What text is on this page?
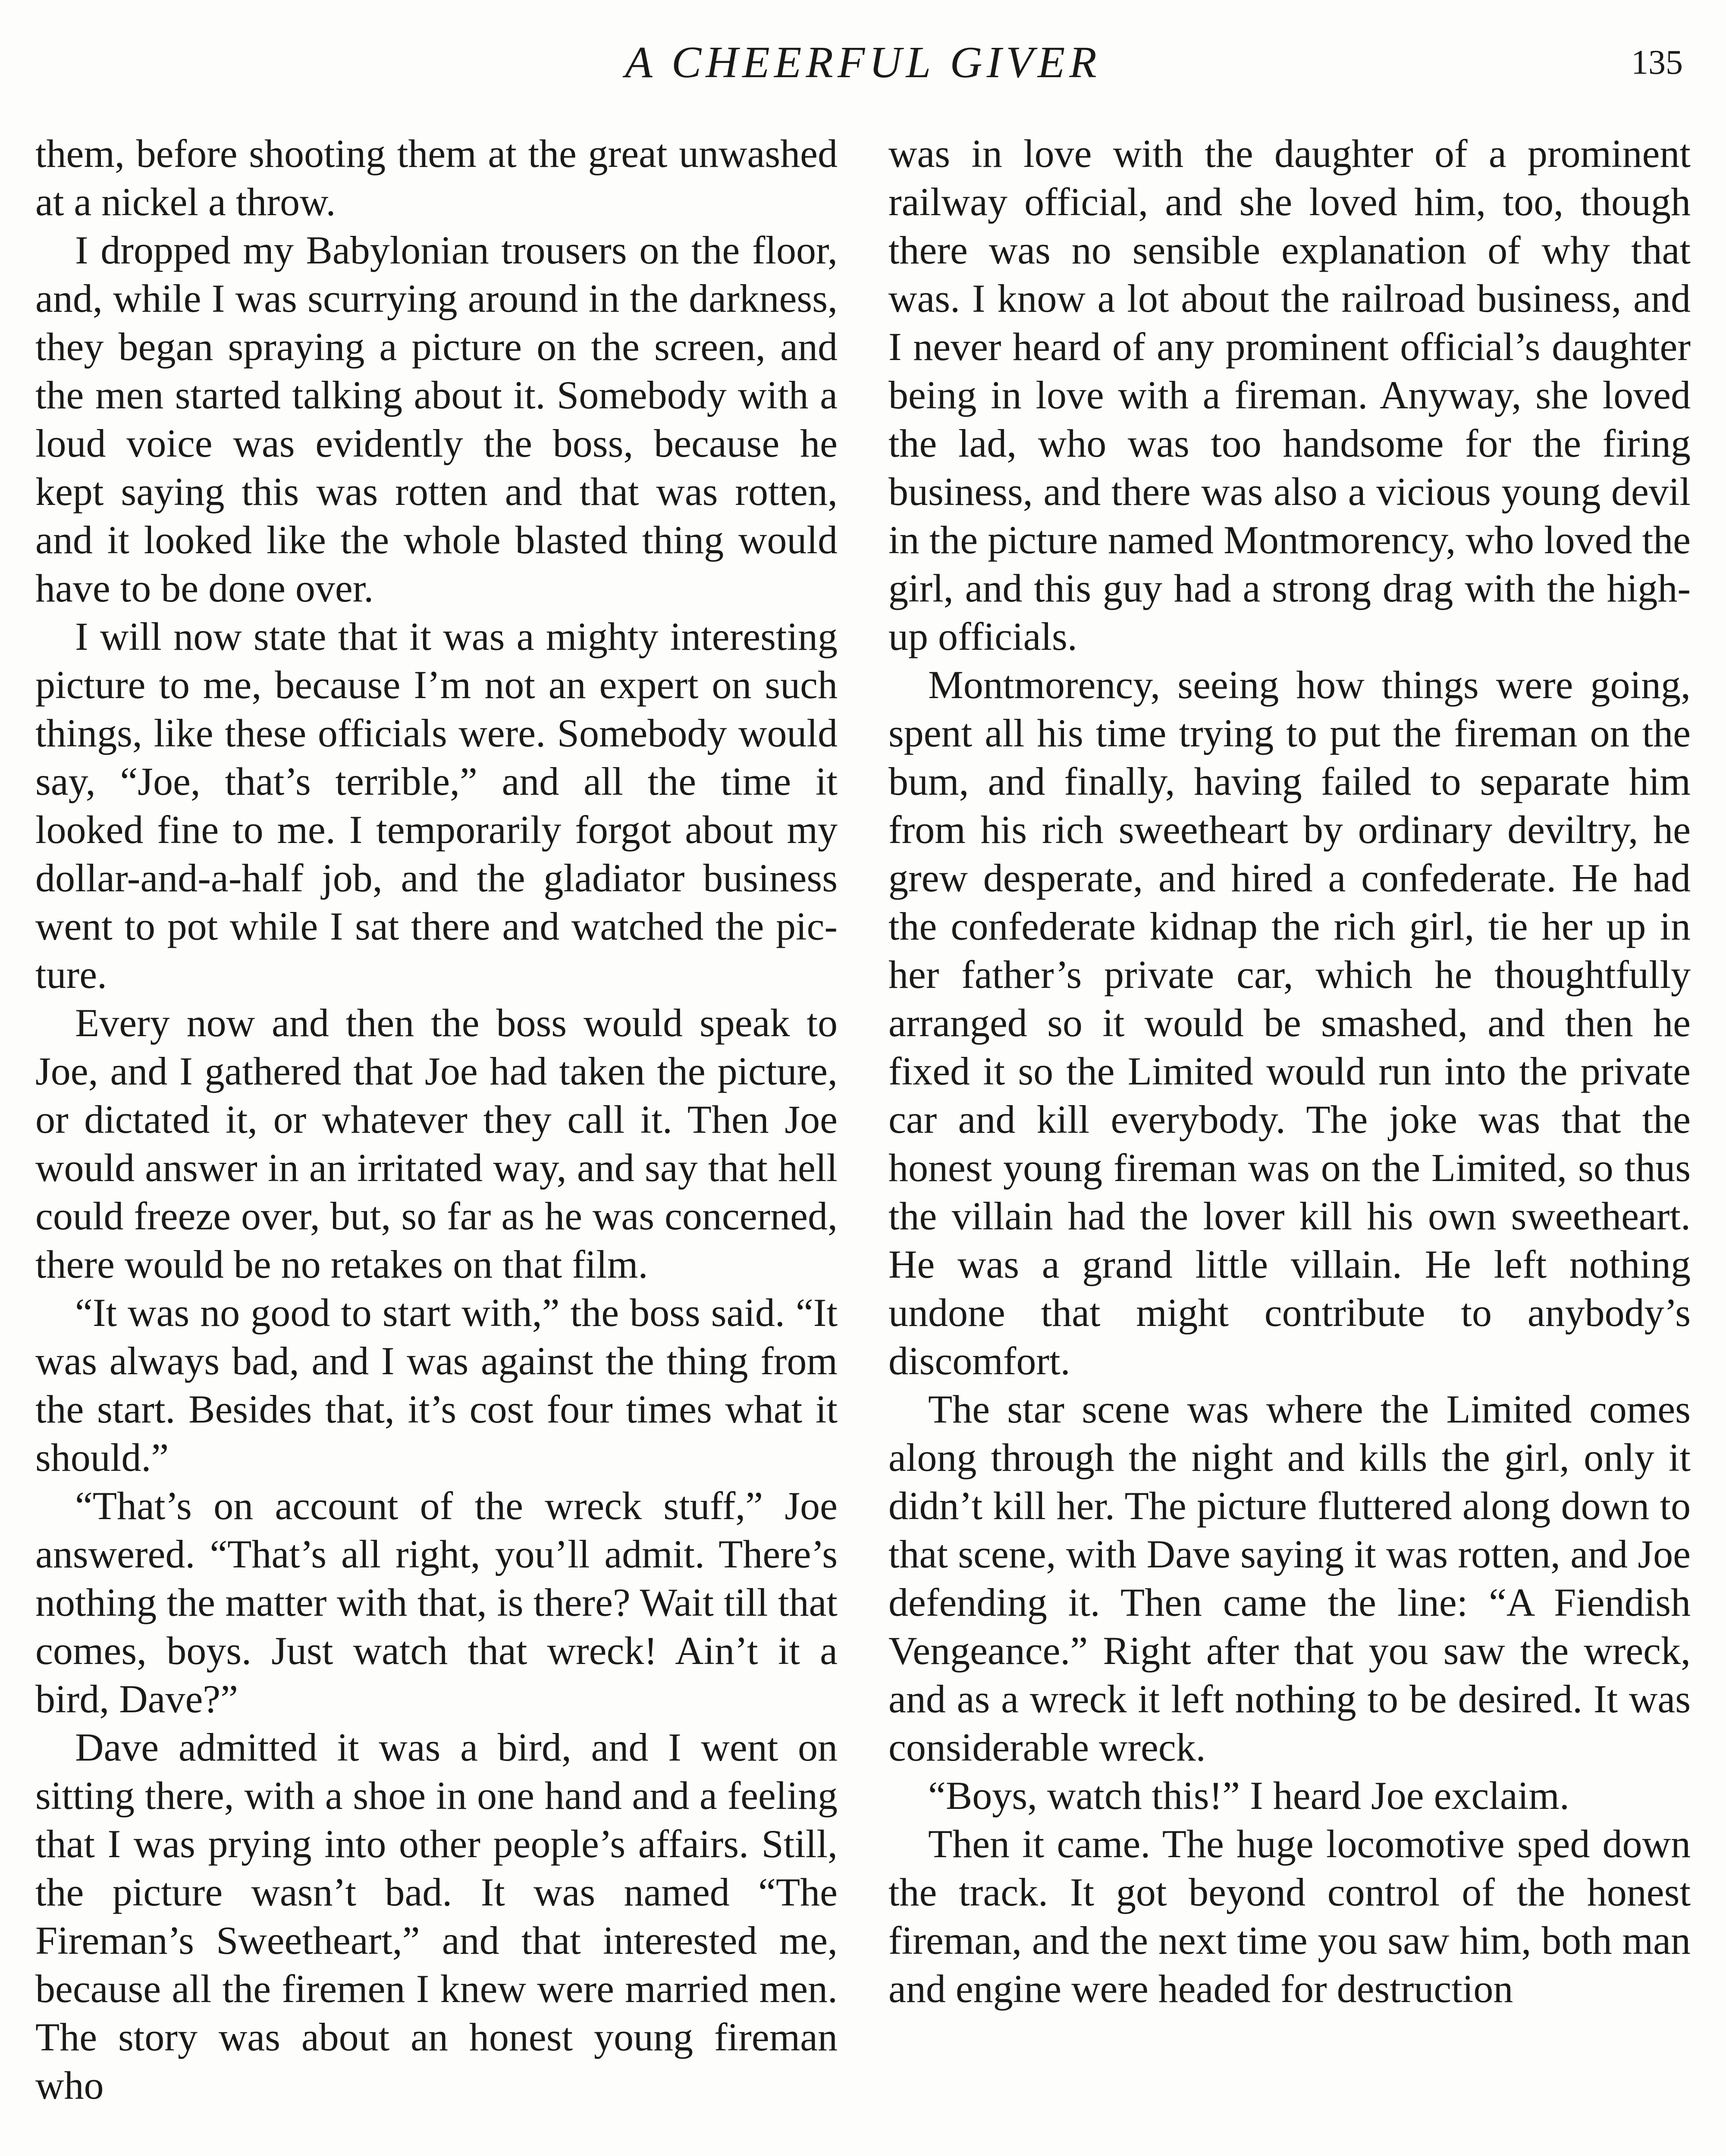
A CHEERFUL GIVER	135

them, before shooting them at the great unwashed at a nickel a throw.

I dropped my Babylonian trousers on the floor, and, while I was scurrying around in the darkness, they began spraying a picture on the screen, and the men started talking about it. Somebody with a loud voice was evidently the boss, because he kept saying this was rotten and that was rotten, and it looked like the whole blasted thing would have to be done over.

I will now state that it was a mighty interesting picture to me, because I’m not an expert on such things, like these officials were. Somebody would say, “Joe, that’s terrible,” and all the time it looked fine to me. I temporarily forgot about my dollar-and-a-half job, and the gladiator business went to pot while I sat there and watched the picture.

Every now and then the boss would speak to Joe, and I gathered that Joe had taken the picture, or dictated it, or whatever they call it. Then Joe would answer in an irritated way, and say that hell could freeze over, but, so far as he was concerned, there would be no retakes on that film.

“It was no good to start with,” the boss said. “It was always bad, and I was against the thing from the start. Besides that, it’s cost four times what it should.”

“That’s on account of the wreck stuff,” Joe answered. “That’s all right, you’ll admit. There’s nothing the matter with that, is there? Wait till that comes, boys. Just watch that wreck! Ain’t it a bird, Dave?”

Dave admitted it was a bird, and I went on sitting there, with a shoe in one hand and a feeling that I was prying into other people’s affairs. Still, the picture wasn’t bad. It was named “The Fireman’s Sweetheart,” and that interested me, because all the firemen I knew were married men. The story was about an honest young fireman who

was in love with the daughter of a prominent railway official, and she loved him, too, though there was no sensible explanation of why that was. I know a lot about the railroad business, and I never heard of any prominent official’s daughter being in love with a fireman. Anyway, she loved the lad, who was too handsome for the firing business, and there was also a vicious young devil in the picture named Montmorency, who loved the girl, and this guy had a strong drag with the high-up officials.

Montmorency, seeing how things were going, spent all his time trying to put the fireman on the bum, and finally, having failed to separate him from his rich sweetheart by ordinary deviltry, he grew desperate, and hired a confederate. He had the confederate kidnap the rich girl, tie her up in her father’s private car, which he thoughtfully arranged so it would be smashed, and then he fixed it so the Limited would run into the private car and kill everybody. The joke was that the honest young fireman was on the Limited, so thus the villain had the lover kill his own sweetheart. He was a grand little villain. He left nothing undone that might contribute to anybody’s discomfort.

The star scene was where the Limited comes along through the night and kills the girl, only it didn’t kill her. The picture fluttered along down to that scene, with Dave saying it was rotten, and Joe defending it. Then came the line: “A Fiendish Vengeance.” Right after that you saw the wreck, and as a wreck it left nothing to be desired. It was considerable wreck.

“Boys, watch this!” I heard Joe exclaim.

Then it came. The huge locomotive sped down the track. It got beyond control of the honest fireman, and the next time you saw him, both man and engine were headed for destruction
